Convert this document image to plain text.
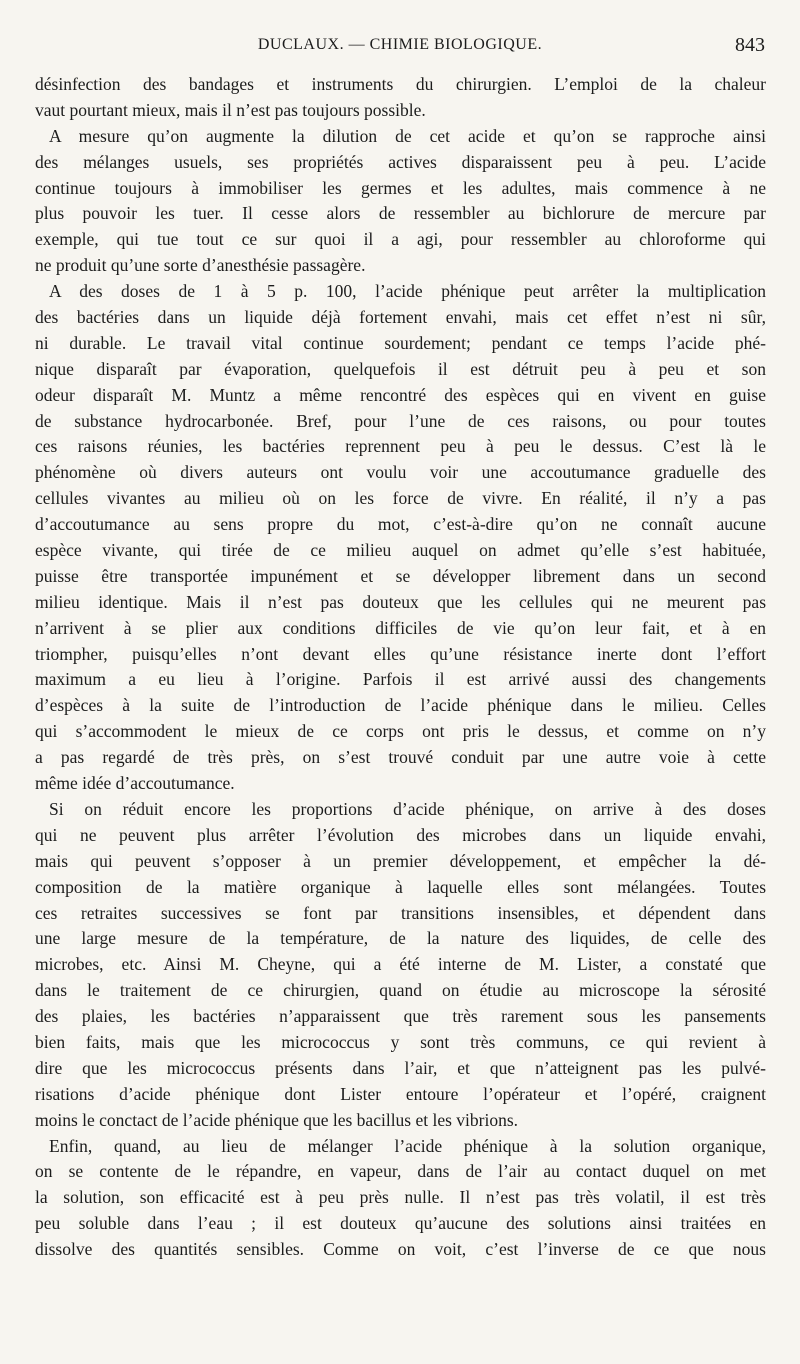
DUCLAUX. — CHIMIE BIOLOGIQUE.	843
désinfection des bandages et instruments du chirurgien. L’emploi de la chaleur
vaut pourtant mieux, mais il n’est pas toujours possible.
A mesure qu’on augmente la dilution de cet acide et qu’on se rapproche ainsi
des mélanges usuels, ses propriétés actives disparaissent peu à peu. L’acide
continue toujours à immobiliser les germes et les adultes, mais commence à ne
plus pouvoir les tuer. Il cesse alors de ressembler au bichlorure de mercure par
exemple, qui tue tout ce sur quoi il a agi, pour ressembler au chloroforme qui
ne produit qu’une sorte d’anesthésie passagère.
A des doses de 1 à 5 p. 100, l’acide phénique peut arrêter la multiplication
des bactéries dans un liquide déjà fortement envahi, mais cet effet n’est ni sûr,
ni durable. Le travail vital continue sourdement; pendant ce temps l’acide phé-
nique disparaît par évaporation, quelquefois il est détruit peu à peu et son
odeur disparaît M. Muntz a même rencontré des espèces qui en vivent en guise
de substance hydrocarbonée. Bref, pour l’une de ces raisons, ou pour toutes
ces raisons réunies, les bactéries reprennent peu à peu le dessus. C’est là le
phénomène où divers auteurs ont voulu voir une accoutumance graduelle des
cellules vivantes au milieu où on les force de vivre. En réalité, il n’y a pas
d’accoutumance au sens propre du mot, c’est-à-dire qu’on ne connaît aucune
espèce vivante, qui tirée de ce milieu auquel on admet qu’elle s’est habituée,
puisse être transportée impunément et se développer librement dans un second
milieu identique. Mais il n’est pas douteux que les cellules qui ne meurent pas
n’arrivent à se plier aux conditions difficiles de vie qu’on leur fait, et à en
triompher, puisqu’elles n’ont devant elles qu’une résistance inerte dont l’effort
maximum a eu lieu à l’origine. Parfois il est arrivé aussi des changements
d’espèces à la suite de l’introduction de l’acide phénique dans le milieu. Celles
qui s’accommodent le mieux de ce corps ont pris le dessus, et comme on n’y
a pas regardé de très près, on s’est trouvé conduit par une autre voie à cette
même idée d’accoutumance.
Si on réduit encore les proportions d’acide phénique, on arrive à des doses
qui ne peuvent plus arrêter l’évolution des microbes dans un liquide envahi,
mais qui peuvent s’opposer à un premier développement, et empêcher la dé-
composition de la matière organique à laquelle elles sont mélangées. Toutes
ces retraites successives se font par transitions insensibles, et dépendent dans
une large mesure de la température, de la nature des liquides, de celle des
microbes, etc. Ainsi M. Cheyne, qui a été interne de M. Lister, a constaté que
dans le traitement de ce chirurgien, quand on étudie au microscope la sérosité
des plaies, les bactéries n’apparaissent que très rarement sous les pansements
bien faits, mais que les micrococcus y sont très communs, ce qui revient à
dire que les micrococcus présents dans l’air, et que n’atteignent pas les pulvé-
risations d’acide phénique dont Lister entoure l’opérateur et l’opéré, craignent
moins le conctact de l’acide phénique que les bacillus et les vibrions.
Enfin, quand, au lieu de mélanger l’acide phénique à la solution organique,
on se contente de le répandre, en vapeur, dans de l’air au contact duquel on met
la solution, son efficacité est à peu près nulle. Il n’est pas très volatil, il est très
peu soluble dans l’eau ; il est douteux qu’aucune des solutions ainsi traitées en
dissolve des quantités sensibles. Comme on voit, c’est l’inverse de ce que nous
